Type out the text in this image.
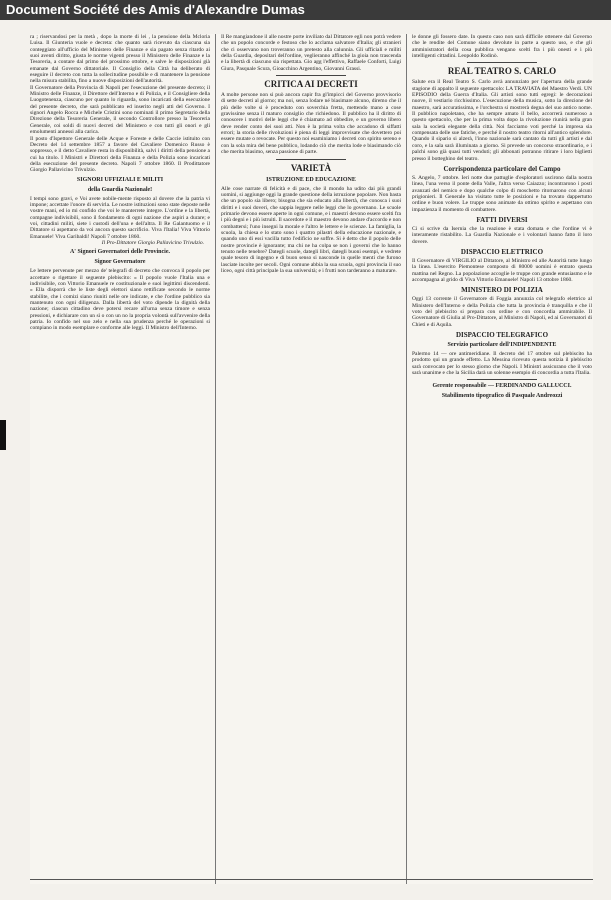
Document Société des Amis d'Alexandre Dumas

ra ; riservandosi per la metà , dopo la morte di lei , la pensione della Mcloria Luisa. Il Giunteria vuole e decreta: che quanto sarà ricevuto da ciascuna sia conteggiato all'ufficio del Ministero delle Finanze e sia pagato senza ritardo ai suoi aventi diritto, giusta le norme vigenti presso il Ministero delle Finanze e la Tesoreria, a contare dal primo del prossimo ottobre, e salve le disposizioni già emanate dal Governo dittatoriale. Il Consiglio della Città ha deliberato di eseguire il decreto con tutta la sollecitudine possibile e di mantenere la pensione nella misura stabilita, fino a nuove disposizioni dell'autorità.

Il Governatore della Provincia di Napoli per l'esecuzione del presente decreto; il Ministro delle Finanze, il Direttore dell'Interno e di Polizia, e il Consigliere della Luogotenenza, ciascuno per quanto lo riguarda, sono incaricati della esecuzione del presente decreto, che sarà pubblicato ed inserito negli atti del Governo. I signori Angelo Rocca e Michele Cristini sono nominati il primo Segretario della Direzione della Tesoreria Generale, il secondo Controllore presso la Tesoreria Generale, coi soldi di nuovi decreti del Ministero e con tutti gli onori e gli emolumenti annessi alla carica.

Il posto d'Ispettore Generale delle Acque e Foreste e delle Caccie istituito con Decreto del 14 settembre 1857 a favore del Cavaliere Domenico Russo è soppresso, e il detto Cavaliere resta in disponibilità, salvi i diritti della pensione a cui ha titolo. I Ministri e Direttori della Finanza e della Polizia sono incaricati della esecuzione del presente decreto. Napoli 7 ottobre 1860. Il Prodittatore Giorgio Pallavicino Trivulzio.

SIGNORI UFFIZIALI E MILITI
della Guardia Nazionale!

I tempi sono gravi, e Voi avete nobile-mente risposto al dovere che la patria vi impone; accettate l'onore di servirla. Le nostre istituzioni sono state deposte nelle vostre mani, ed io mi confido che voi le manterrete integre. L'ordine e la libertà, compagne indivisibili, sono il fondamento di ogni nazione che aspiri a durare; e voi, cittadini militi, siete i custodi dell'una e dell'altra. Il Re Galantuomo e il Dittatore si aspettano da voi ancora questo sacrificio. Viva l'Italia! Viva Vittorio Emanuele! Viva Garibaldi! Napoli 7 ottobre 1860.

Il Pro-Dittatore Giorgio Pallavicino Trivulzio.
A' Signori Governatori delle Provincie.
Signor Governatore

Le lettere pervenute per mezzo de' telegrafi dì decreto che convoca il popolo per accettare o rigettare il seguente plebiscito: « Il popolo vuole l'Italia una e indivisibile, con Vittorio Emanuele re costituzionale e suoi legittimi discendenti. » Ella disporrà che le liste degli elettori siano rettificate secondo le norme stabilite, che i comizi siano riuniti nelle ore indicate, e che l'ordine pubblico sia mantenuto con ogni diligenza. Dalla libertà del voto dipende la dignità della nazione; ciascun cittadino deve potersi recare all'urna senza timore e senza pressioni, e dichiarare con un sì o con un no la propria volontà sull'avvenire della patria. Io confido nel suo zelo e nella sua prudenza perché le operazioni si compiano in modo esemplare e conforme alle leggi. Il Ministro dell'Interno.

Il Re mangiandone il alle nostre porte inviliato dal Dittatore egli non potrà vedere che un popolo concorde e festoso che lo acclama salvatore d'Italia; gli stranieri che ci osservano non troveranno un pretesto alla calunnia. Gli ufficiali e militi della Guardia, depositari dell'ordine, veglieranno affinché la gioia non trascenda e la libertà di ciascuno sia rispettata. Gio agg l'effettivo, Raffaele Conforti, Luigi Giura, Pasquale Scura, Gioacchino Argentino, Giovanni Grassi.

CRITICA AI DECRETI

A molte persone non si può ancora capir fra gl'impicci del Governo provvisorio di sette decreti al giorno; ma noi, senza lodare né biasimare alcuno, diremo che il più delle volte si è proceduto con soverchia fretta, mettendo mano a cose gravissime senza il maturo consiglio che richiedono. Il pubblico ha il diritto di conoscere i motivi delle leggi che è chiamato ad obbedire, e un governo libero deve render conto dei suoi atti. Non è la prima volta che accadono di siffatti errori; la storia delle rivoluzioni è piena di leggi improvvisate che dovettero poi essere mutate o revocate. Per questo noi esaminiamo i decreti con spirito sereno e con la sola mira del bene pubblico, lodando ciò che merita lode e biasimando ciò che merita biasimo, senza passione di parte.

VARIETÀ
ISTRUZIONE ED EDUCAZIONE

Alle cose narrate di felicità e di pace, che il mondo ha udito dai più grandi uomini, si aggiunge oggi la grande questione della istruzione popolare. Non basta che un popolo sia libero; bisogna che sia educato alla libertà, che conosca i suoi diritti e i suoi doveri, che sappia leggere nelle leggi che lo governano. Le scuole primarie devono essere aperte in ogni comune, e i maestri devono essere scelti fra i più degni e i più istruiti. Il sacerdote e il maestro devono andare d'accordo e non combattersi; l'uno insegni la morale e l'altro le lettere e le scienze. La famiglia, la scuola, la chiesa e lo stato sono i quattro pilastri della educazione nazionale, e quando uno di essi vacilla tutto l'edificio ne soffre. Si è detto che il popolo delle nostre provincie è ignorante; ma chi ne ha colpa se non i governi che lo hanno tenuto nelle tenebre? Dategli scuole, dategli libri, dategli buoni esempi, e vedrete quale tesoro di ingegno e di buon senso si nasconde in quelle menti che furono lasciate incolte per secoli. Ogni comune abbia la sua scuola, ogni provincia il suo liceo, ogni città principale la sua università; e i frutti non tarderanno a maturare.

le donne gli fossero date. In questo caso non sarà difficile ottenere dal Governo che le rendite del Comune siano devolute in parte a questo uso, e che gli amministratori della cosa pubblica vengano scelti fra i più onesti e i più intelligenti cittadini. Leopoldo Rodinò.

REAL TEATRO S. CARLO

Salute era il Real Teatro S. Carlo avrà annunziato per l'apertura della grande stagione di appalto il seguente spettacolo: LA TRAVIATA del Maestro Verdi. UN EPISODIO della Guerra d'Italia. Gli artisti sono tutti egregi: le decorazioni nuove, il vestiario ricchissimo. L'esecuzione della musica, sotto la direzione del maestro, sarà accuratissima, e l'orchestra si mostrerà degna del suo antico nome. Il pubblico napoletano, che ha sempre amato il bello, accorrerà numeroso a questo spettacolo, che per la prima volta dopo la rivoluzione riunirà nella gran sala la società elegante della città. Noi facciamo voti perché la impresa sia compensata delle sue fatiche, e perché il nostro teatro ritorni all'antico splendore. Quando il sipario si alzerà, l'inno nazionale sarà cantato da tutti gli artisti e dal coro, e la sala sarà illuminata a giorno. Si prevede un concorso straordinario, e i palchi sono già quasi tutti venduti; gli abbonati potranno ritirare i loro biglietti presso il botteghino del teatro.

Corrispondenza particolare del Campo

S. Angelo, 7 ottobre. Ieri notte due pattuglie d'esploratori uscirono dalla nostra linea, l'una verso il ponte della Valle, l'altra verso Caiazzo; incontrarono i posti avanzati del nemico e dopo qualche colpo di moschetto ritornarono con alcuni prigionieri. Il Generale ha visitato tutte le posizioni e ha trovato dappertutto ordine e buon volere. Le truppe sono animate da ottimo spirito e aspettano con impazienza il momento di combattere.

FATTI DIVERSI

Ci si scrive da Isernia che la reazione è stata domata e che l'ordine vi è interamente ristabilito. La Guardia Nazionale e i volontari hanno fatto il loro dovere.

DISPACCIO ELETTRICO

Il Governatore di VIRGILIO al Dittatore, al Ministro ed alle Autorità tutte lungo la linea. L'esercito Piemontese composto di 80000 uomini è entrato questa mattina nel Regno. La popolazione accoglie le truppe con grande entusiasmo e le accompagna al grido di Viva Vittorio Emanuele! Napoli 13 ottobre 1860.

MINISTERO DI POLIZIA

Oggi 13 corrente il Governatore di Foggia annunzia col telegrafo elettrico al Ministero dell'Interno e della Polizia che tutta la provincia è tranquilla e che il voto del plebiscito si prepara con ordine e con concordia ammirabile. Il Governatore di Giulia al Pro-Dittatore, al Ministro di Napoli, ed ai Governatori di Chieti e di Aquila.

DISPACCIO TELEGRAFICO
Servizio particolare dell'INDIPENDENTE

Palermo 14 — ore antimeridiane. Il decreto del 17 ottobre sul plebiscito ha prodotto qui un grande effetto. La Messina ricevuto questa notizia il plebiscito sarà convocato per lo stesso giorno che Napoli. I Ministri assicurano che il voto sarà unanime e che la Sicilia darà un solenne esempio di concordia a tutta l'Italia.

Gerente responsabile — FERDINANDO GALLUCCI.
Stabilimento tipografico di Pasquale Andreozzi
